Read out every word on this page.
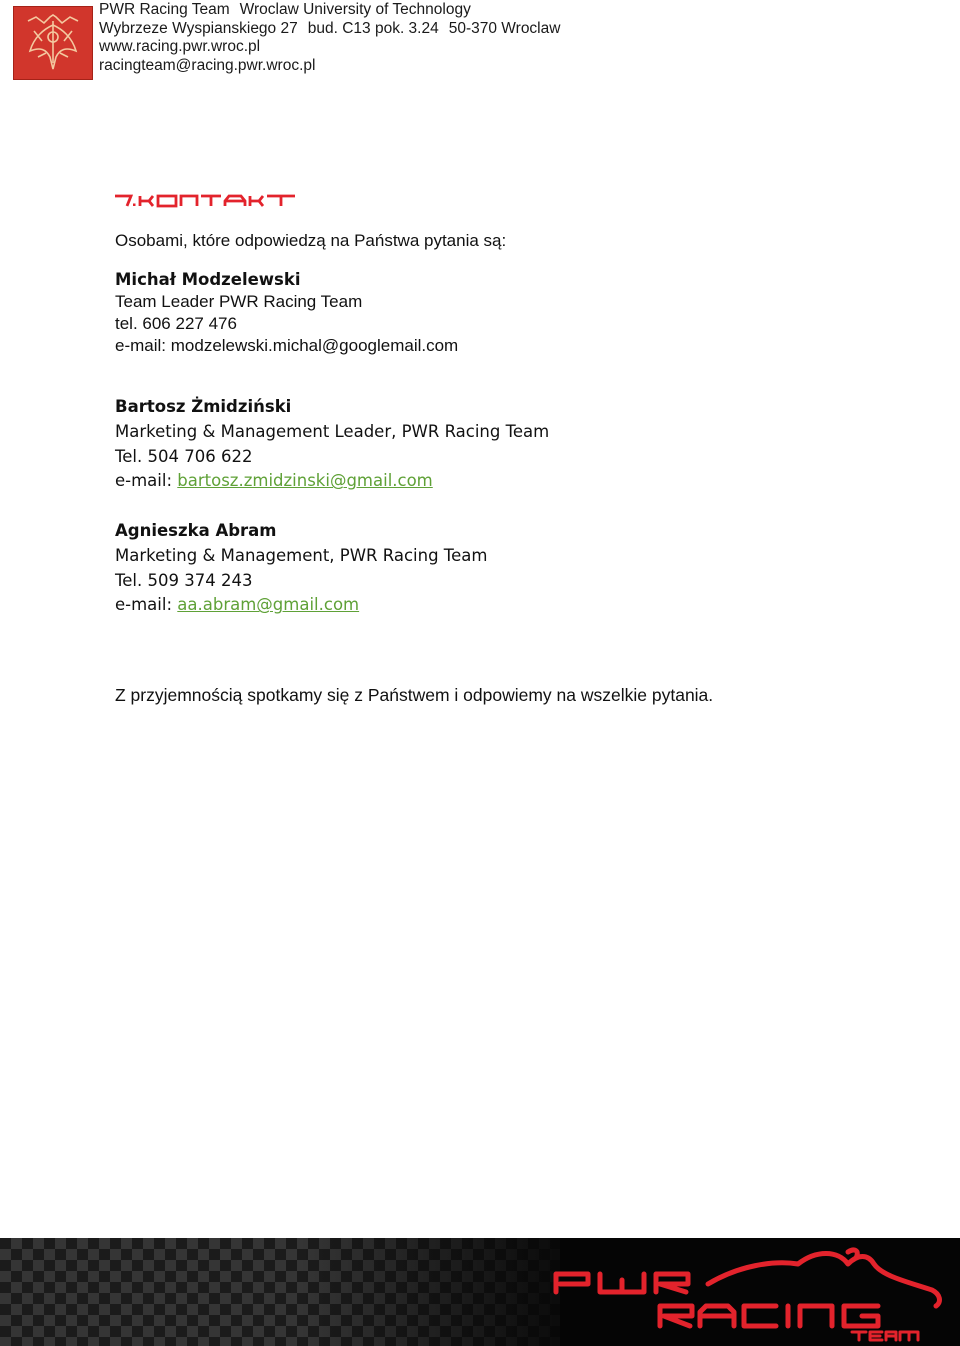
PWR Racing Team Wroclaw University of Technology
Wybrzeze Wyspianskiego 27 bud. C13 pok. 3.24 50-370 Wroclaw
www.racing.pwr.wroc.pl
racingteam@racing.pwr.wroc.pl
Osobami, które odpowiedzą na Państwa pytania są:
Michał Modzelewski
Team Leader PWR Racing Team
tel. 606 227 476
e-mail: modzelewski.michal@googlemail.com
Bartosz Żmidziński
Marketing & Management Leader, PWR Racing Team
Tel. 504 706 622
e-mail: bartosz.zmidzinski@gmail.com
Agnieszka Abram
Marketing & Management, PWR Racing Team
Tel. 509 374 243
e-mail: aa.abram@gmail.com
Z przyjemnością spotkamy się z Państwem i odpowiemy na wszelkie pytania.
